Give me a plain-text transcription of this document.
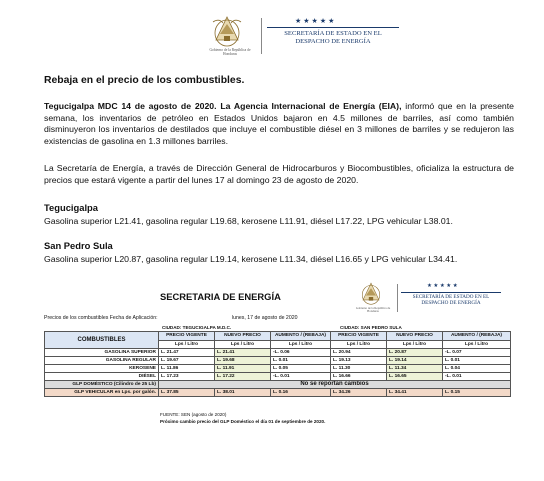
Gobierno de la República de Honduras
★★★★★
SECRETARÍA DE ESTADO EN EL DESPACHO DE ENERGÍA

Rebaja en el precio de los combustibles.

Tegucigalpa MDC 14 de agosto de 2020. La Agencia Internacional de Energía (EIA), informó que en la presente semana, los inventarios de petróleo en Estados Unidos bajaron en 4.5 millones de barriles, así como también disminuyeron los inventarios de destilados que incluye el combustible diésel en 3 millones de barriles y se redujeron las existencias de gasolina en 1.3 millones barriles.

La Secretaría de Energía, a través de Dirección General de Hidrocarburos y Biocombustibles, oficializa la estructura de precios que estará vigente a partir del lunes 17 al domingo 23 de agosto de 2020.

Tegucigalpa
Gasolina superior L21.41, gasolina regular L19.68, kerosene L11.91, diésel L17.22, LPG vehicular L38.01.
San Pedro Sula
Gasolina superior L20.87, gasolina regular L19.14, kerosene L11.34, diésel L16.65 y LPG vehicular L34.41.
SECRETARIA DE ENERGÍA
Gobierno de la República de Honduras
★★★★★
SECRETARÍA DE ESTADO EN EL DESPACHO DE ENERGÍA
Precios de los combustibles Fecha de Aplicación:	lunes, 17 de agosto de 2020
CIUDAD: TEGUCIGALPA M.D.C.	CIUDAD: SAN PEDRO SULA
COMBUSTIBLES	PRECIO VIGENTE	NUEVO PRECIO	AUMENTO / (REBAJA)	PRECIO VIGENTE	NUEVO PRECIO	AUMENTO / (REBAJA)
	Lps / Litro	Lps / Litro	Lps / Litro	Lps / Litro	Lps / Litro	Lps / Litro
GASOLINA SUPERIOR	L. 21.47	L. 21.41	-L. 0.06	L. 20.94	L. 20.87	-L. 0.07
GASOLINA REGULAR	L. 19.67	L. 19.68	L. 0.01	L. 19.13	L. 19.14	L. 0.01
KEROSENE	L. 11.86	L. 11.91	L. 0.05	L. 11.30	L. 11.34	L. 0.04
DIÉSEL	L. 17.23	L. 17.22	-L. 0.01	L. 16.66	L. 16.65	-L. 0.01
GLP DOMÉSTICO (Cilindro de 25 Lb)	No se reportan cambios					
GLP VEHICULAR en Lps. por galón.	L. 37.85	L. 38.01	L. 0.16	L. 34.26	L. 34.41	L. 0.15
FUENTE: SEN (agosto de 2020)
Próximo cambio precio del GLP Doméstico el día 01 de septiembre de 2020.
